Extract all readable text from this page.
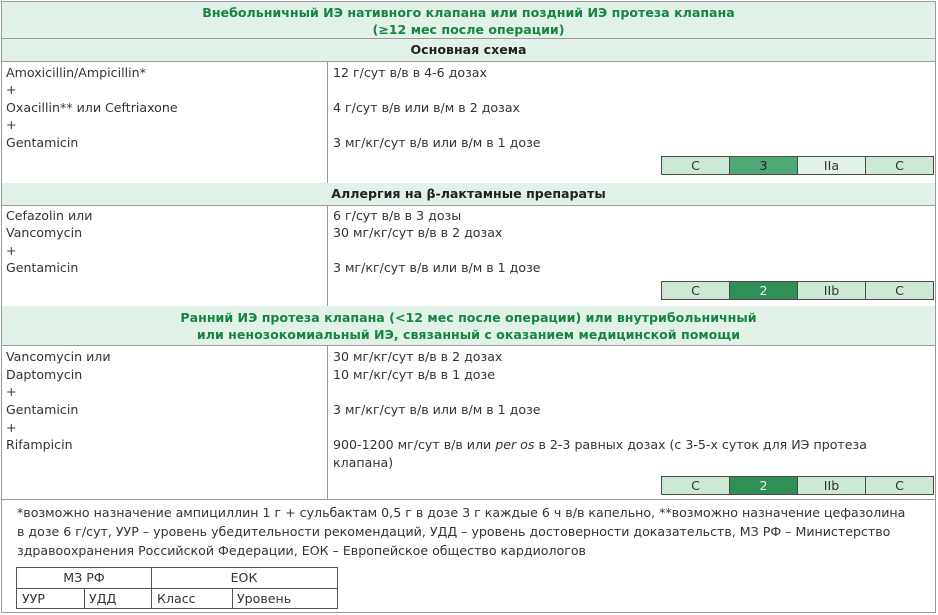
Внебольничный ИЭ нативного клапана или поздний ИЭ протеза клапана
(≥12 мес после операции)
Основная схема
Amoxicillin/Ampicillin*	12 г/сут в/в в 4-6 дозах
+
Oxacillin** или Ceftriaxone	4 г/сут в/в или в/м в 2 дозах
+
Gentamicin	3 мг/кг/сут в/в или в/м в 1 дозе
C	3	IIa	C
Аллергия на β-лактамные препараты
Cefazolin или	6 г/сут в/в в 3 дозы
Vancomycin	30 мг/кг/сут в/в в 2 дозах
+
Gentamicin	3 мг/кг/сут в/в или в/м в 1 дозе
C	2	IIb	C
Ранний ИЭ протеза клапана (<12 мес после операции) или внутрибольничный
или ненозокомиальный ИЭ, связанный с оказанием медицинской помощи
Vancomycin или	30 мг/кг/сут в/в в 2 дозах
Daptomycin	10 мг/кг/сут в/в в 1 дозе
+
Gentamicin	3 мг/кг/сут в/в или в/м в 1 дозе
+
Rifampicin	900-1200 мг/сут в/в или per os в 2-3 равных дозах (с 3-5-х суток для ИЭ протеза
клапана)
C	2	IIb	C
*возможно назначение ампициллин 1 г + сульбактам 0,5 г в дозе 3 г каждые 6 ч в/в капельно, **возможно назначение цефазолина
в дозе 6 г/сут, УУР – уровень убедительности рекомендаций, УДД – уровень достоверности доказательств, МЗ РФ – Министерство
здравоохранения Российской Федерации, ЕОК – Европейское общество кардиологов
МЗ РФ	ЕОК
УУР	УДД	Класс	Уровень
